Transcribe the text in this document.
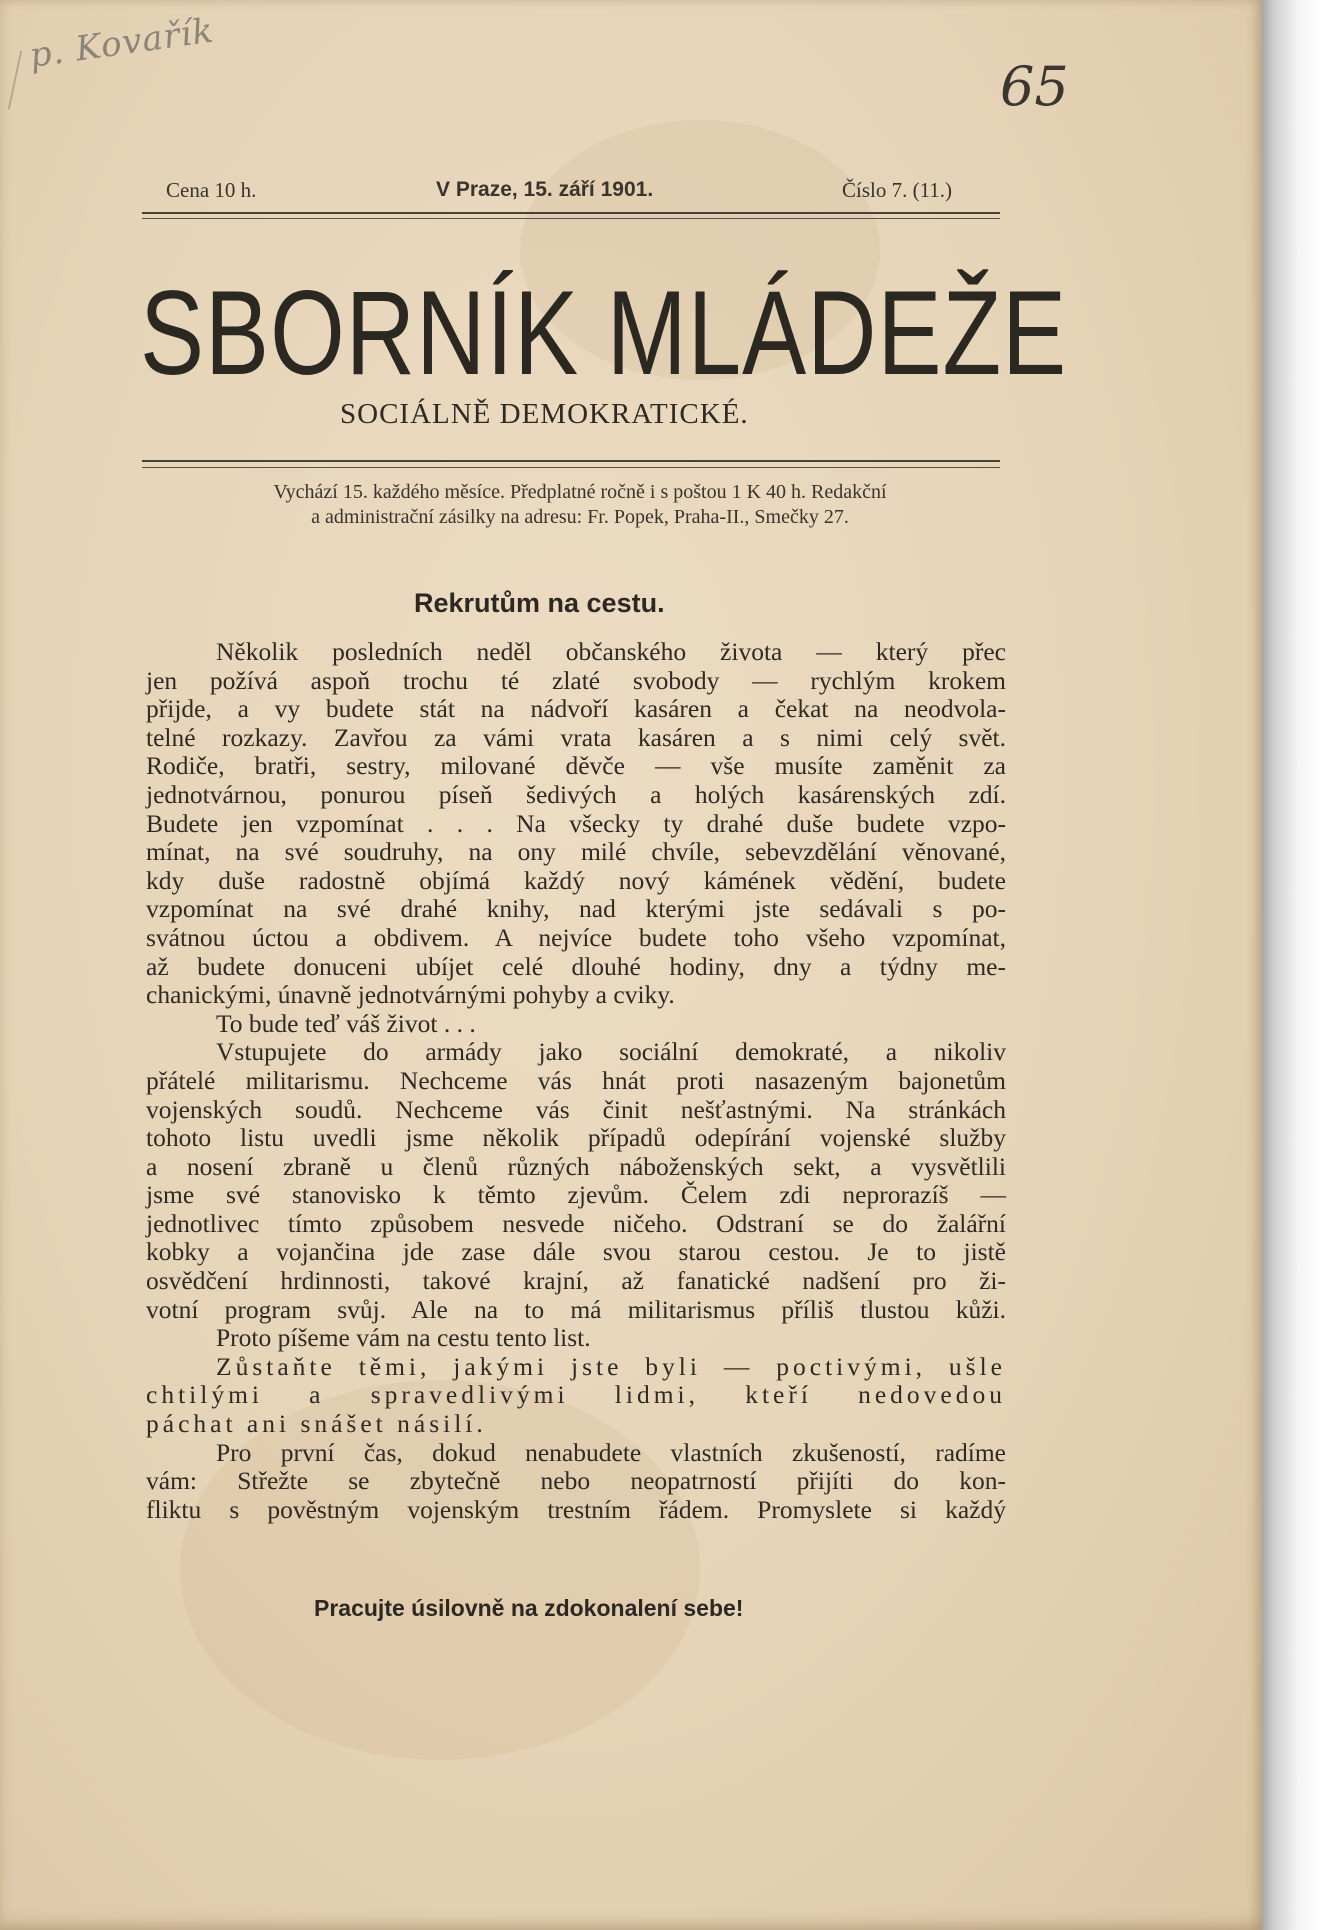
p. Kovařík
65
Cena 10 h.	V Praze, 15. září 1901.	Číslo 7. (11.)
SBORNÍK MLÁDEŽE
SOCIÁLNĚ DEMOKRATICKÉ.
Vychází 15. každého měsíce. Předplatné ročně i s poštou 1 K 40 h. Redakční
a administrační zásilky na adresu: Fr. Popek, Praha-II., Smečky 27.
Rekrutům na cestu.
Několik posledních neděl občanského života — který přec
jen požívá aspoň trochu té zlaté svobody — rychlým krokem
přijde, a vy budete stát na nádvoří kasáren a čekat na neodvola-
telné rozkazy. Zavřou za vámi vrata kasáren a s nimi celý svět.
Rodiče, bratři, sestry, milované děvče — vše musíte zaměnit za
jednotvárnou, ponurou píseň šedivých a holých kasárenských zdí.
Budete jen vzpomínat . . . Na všecky ty drahé duše budete vzpo-
mínat, na své soudruhy, na ony milé chvíle, sebevzdělání věnované,
kdy duše radostně objímá každý nový kámének vědění, budete
vzpomínat na své drahé knihy, nad kterými jste sedávali s po-
svátnou úctou a obdivem. A nejvíce budete toho všeho vzpomínat,
až budete donuceni ubíjet celé dlouhé hodiny, dny a týdny me-
chanickými, únavně jednotvárnými pohyby a cviky.
To bude teď váš život . . .
Vstupujete do armády jako sociální demokraté, a nikoliv
přátelé militarismu. Nechceme vás hnát proti nasazeným bajonetům
vojenských soudů. Nechceme vás činit nešťastnými. Na stránkách
tohoto listu uvedli jsme několik případů odepírání vojenské služby
a nosení zbraně u členů různých náboženských sekt, a vysvětlili
jsme své stanovisko k těmto zjevům. Čelem zdi neprorazíš —
jednotlivec tímto způsobem nesvede ničeho. Odstraní se do žalářní
kobky a vojančina jde zase dále svou starou cestou. Je to jistě
osvědčení hrdinnosti, takové krajní, až fanatické nadšení pro ži-
votní program svůj. Ale na to má militarismus příliš tlustou kůži.
Proto píšeme vám na cestu tento list.
Zůstaňte těmi, jakými jste byli — poctivými, ušle
chtilými a spravedlivými lidmi, kteří nedovedou
páchat ani snášet násilí.
Pro první čas, dokud nenabudete vlastních zkušeností, radíme
vám: Střežte se zbytečně nebo neopatrností přijíti do kon-
fliktu s pověstným vojenským trestním řádem. Promyslete si každý
Pracujte úsilovně na zdokonalení sebe!
